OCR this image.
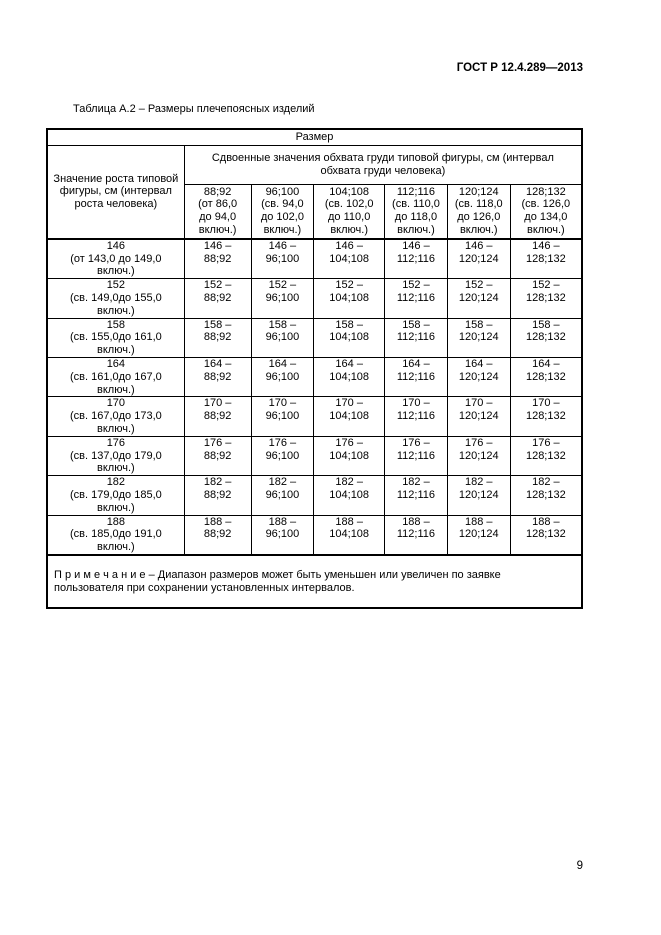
ГОСТ Р 12.4.289—2013
Таблица А.2 – Размеры плечепоясных изделий
Размер						

Значение роста типовой
фигуры, см (интервал
роста человека)	Сдвоенные значения обхвата груди типовой фигуры, см (интервал
обхвата груди человека)					

	88;92
(от 86,0
до 94,0
включ.)	96;100
(св. 94,0
до 102,0
включ.)	104;108
(св. 102,0
до 110,0
включ.)	112;116
(св. 110,0
до 118,0
включ.)	120;124
(св. 118,0
до 126,0
включ.)	128;132
(св. 126,0
до 134,0
включ.)

146
(от 143,0 до 149,0
включ.)	146 –
88;92	146 –
96;100	146 –
104;108	146 –
112;116	146 –
120;124	146 –
128;132

152
(св. 149,0до 155,0
включ.)	152 –
88;92	152 –
96;100	152 –
104;108	152 –
112;116	152 –
120;124	152 –
128;132

158
(св. 155,0до 161,0
включ.)	158 –
88;92	158 –
96;100	158 –
104;108	158 –
112;116	158 –
120;124	158 –
128;132

164
(св. 161,0до 167,0
включ.)	164 –
88;92	164 –
96;100	164 –
104;108	164 –
112;116	164 –
120;124	164 –
128;132

170
(св. 167,0до 173,0
включ.)	170 –
88;92	170 –
96;100	170 –
104;108	170 –
112;116	170 –
120;124	170 –
128;132

176
(св. 137,0до 179,0
включ.)	176 –
88;92	176 –
96;100	176 –
104;108	176 –
112;116	176 –
120;124	176 –
128;132

182
(св. 179,0до 185,0
включ.)	182 –
88;92	182 –
96;100	182 –
104;108	182 –
112;116	182 –
120;124	182 –
128;132

188
(св. 185,0до 191,0
включ.)	188 –
88;92	188 –
96;100	188 –
104;108	188 –
112;116	188 –
120;124	188 –
128;132

П р и м е ч а н и е – Диапазон размеров может быть уменьшен или увеличен по заявке
пользователя при сохранении установленных интервалов.						
9
